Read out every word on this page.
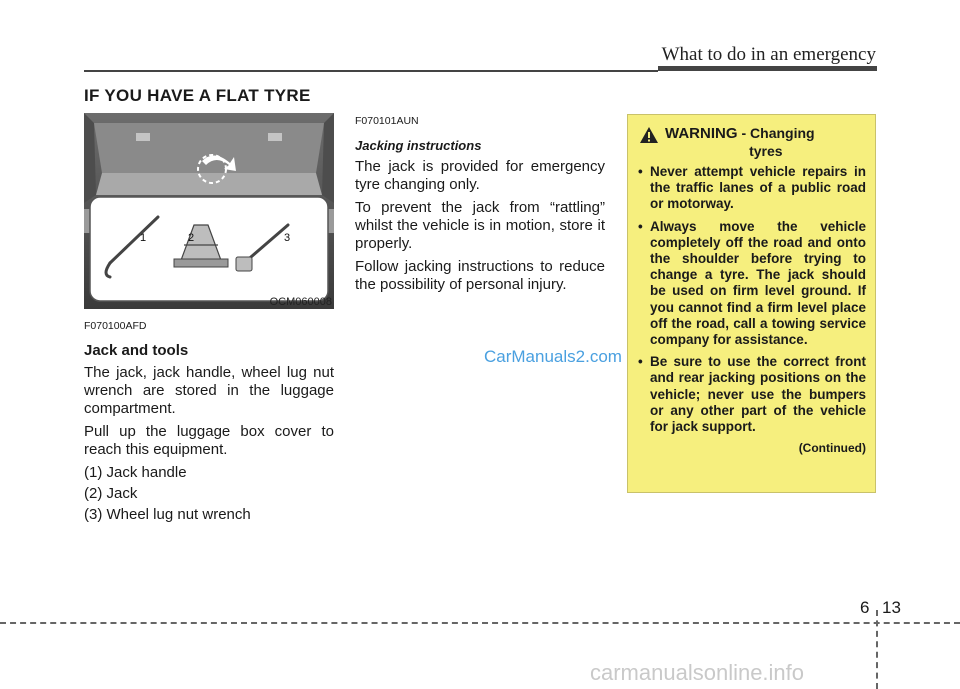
What to do in an emergency
IF YOU HAVE A FLAT TYRE
1	2	3
OCM060008

F070100AFD

Jack and tools

The jack, jack handle, wheel lug nut wrench are stored in the luggage compartment.

Pull up the luggage box cover to reach this equipment.

(1) Jack handle

(2) Jack

(3) Wheel lug nut wrench

F070101AUN

Jacking instructions

The jack is provided for emergency tyre changing only.

To prevent the jack from “rattling” whilst the vehicle is in motion, store it properly.

Follow jacking instructions to reduce the possibility of personal injury.

WARNING - Changing
tyres
• Never attempt vehicle repairs in the traffic lanes of a public road or motorway.
• Always move the vehicle completely off the road and onto the shoulder before trying to change a tyre. The jack should be used on firm level ground. If you cannot find a firm level place off the road, call a towing service company for assistance.
• Be sure to use the correct front and rear jacking positions on the vehicle; never use the bumpers or any other part of the vehicle for jack support.
(Continued)
CarManuals2.com
6 13
carmanualsonline.info
